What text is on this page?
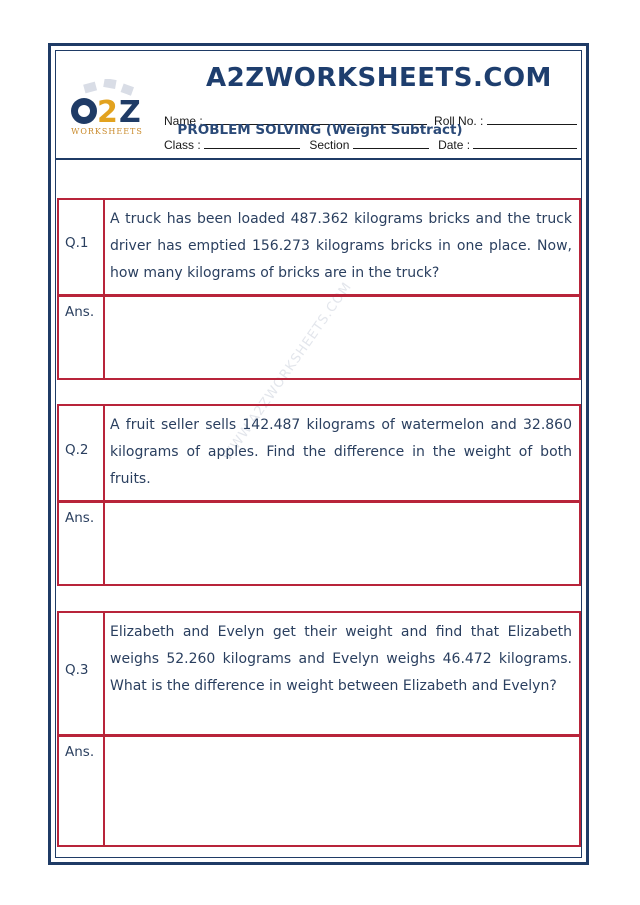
2 Z
WORKSHEETS
A2ZWORKSHEETS.COM
Name :	Roll No. :
Class :	Section	Date :
PROBLEM SOLVING (Weight Subtract)
WWW.A2ZWORKSHEETS.COM
Q.1
A truck has been loaded 487.362 kilograms bricks and the truck driver has emptied 156.273 kilograms bricks in one place. Now, how many kilograms of bricks are in the truck?
Ans.
Q.2
A fruit seller sells 142.487 kilograms of watermelon and 32.860 kilograms of apples. Find the difference in the weight of both fruits.
Ans.
Q.3
Elizabeth and Evelyn get their weight and find that Elizabeth weighs 52.260 kilograms and Evelyn weighs 46.472 kilograms. What is the difference in weight between Elizabeth and Evelyn?
Ans.
